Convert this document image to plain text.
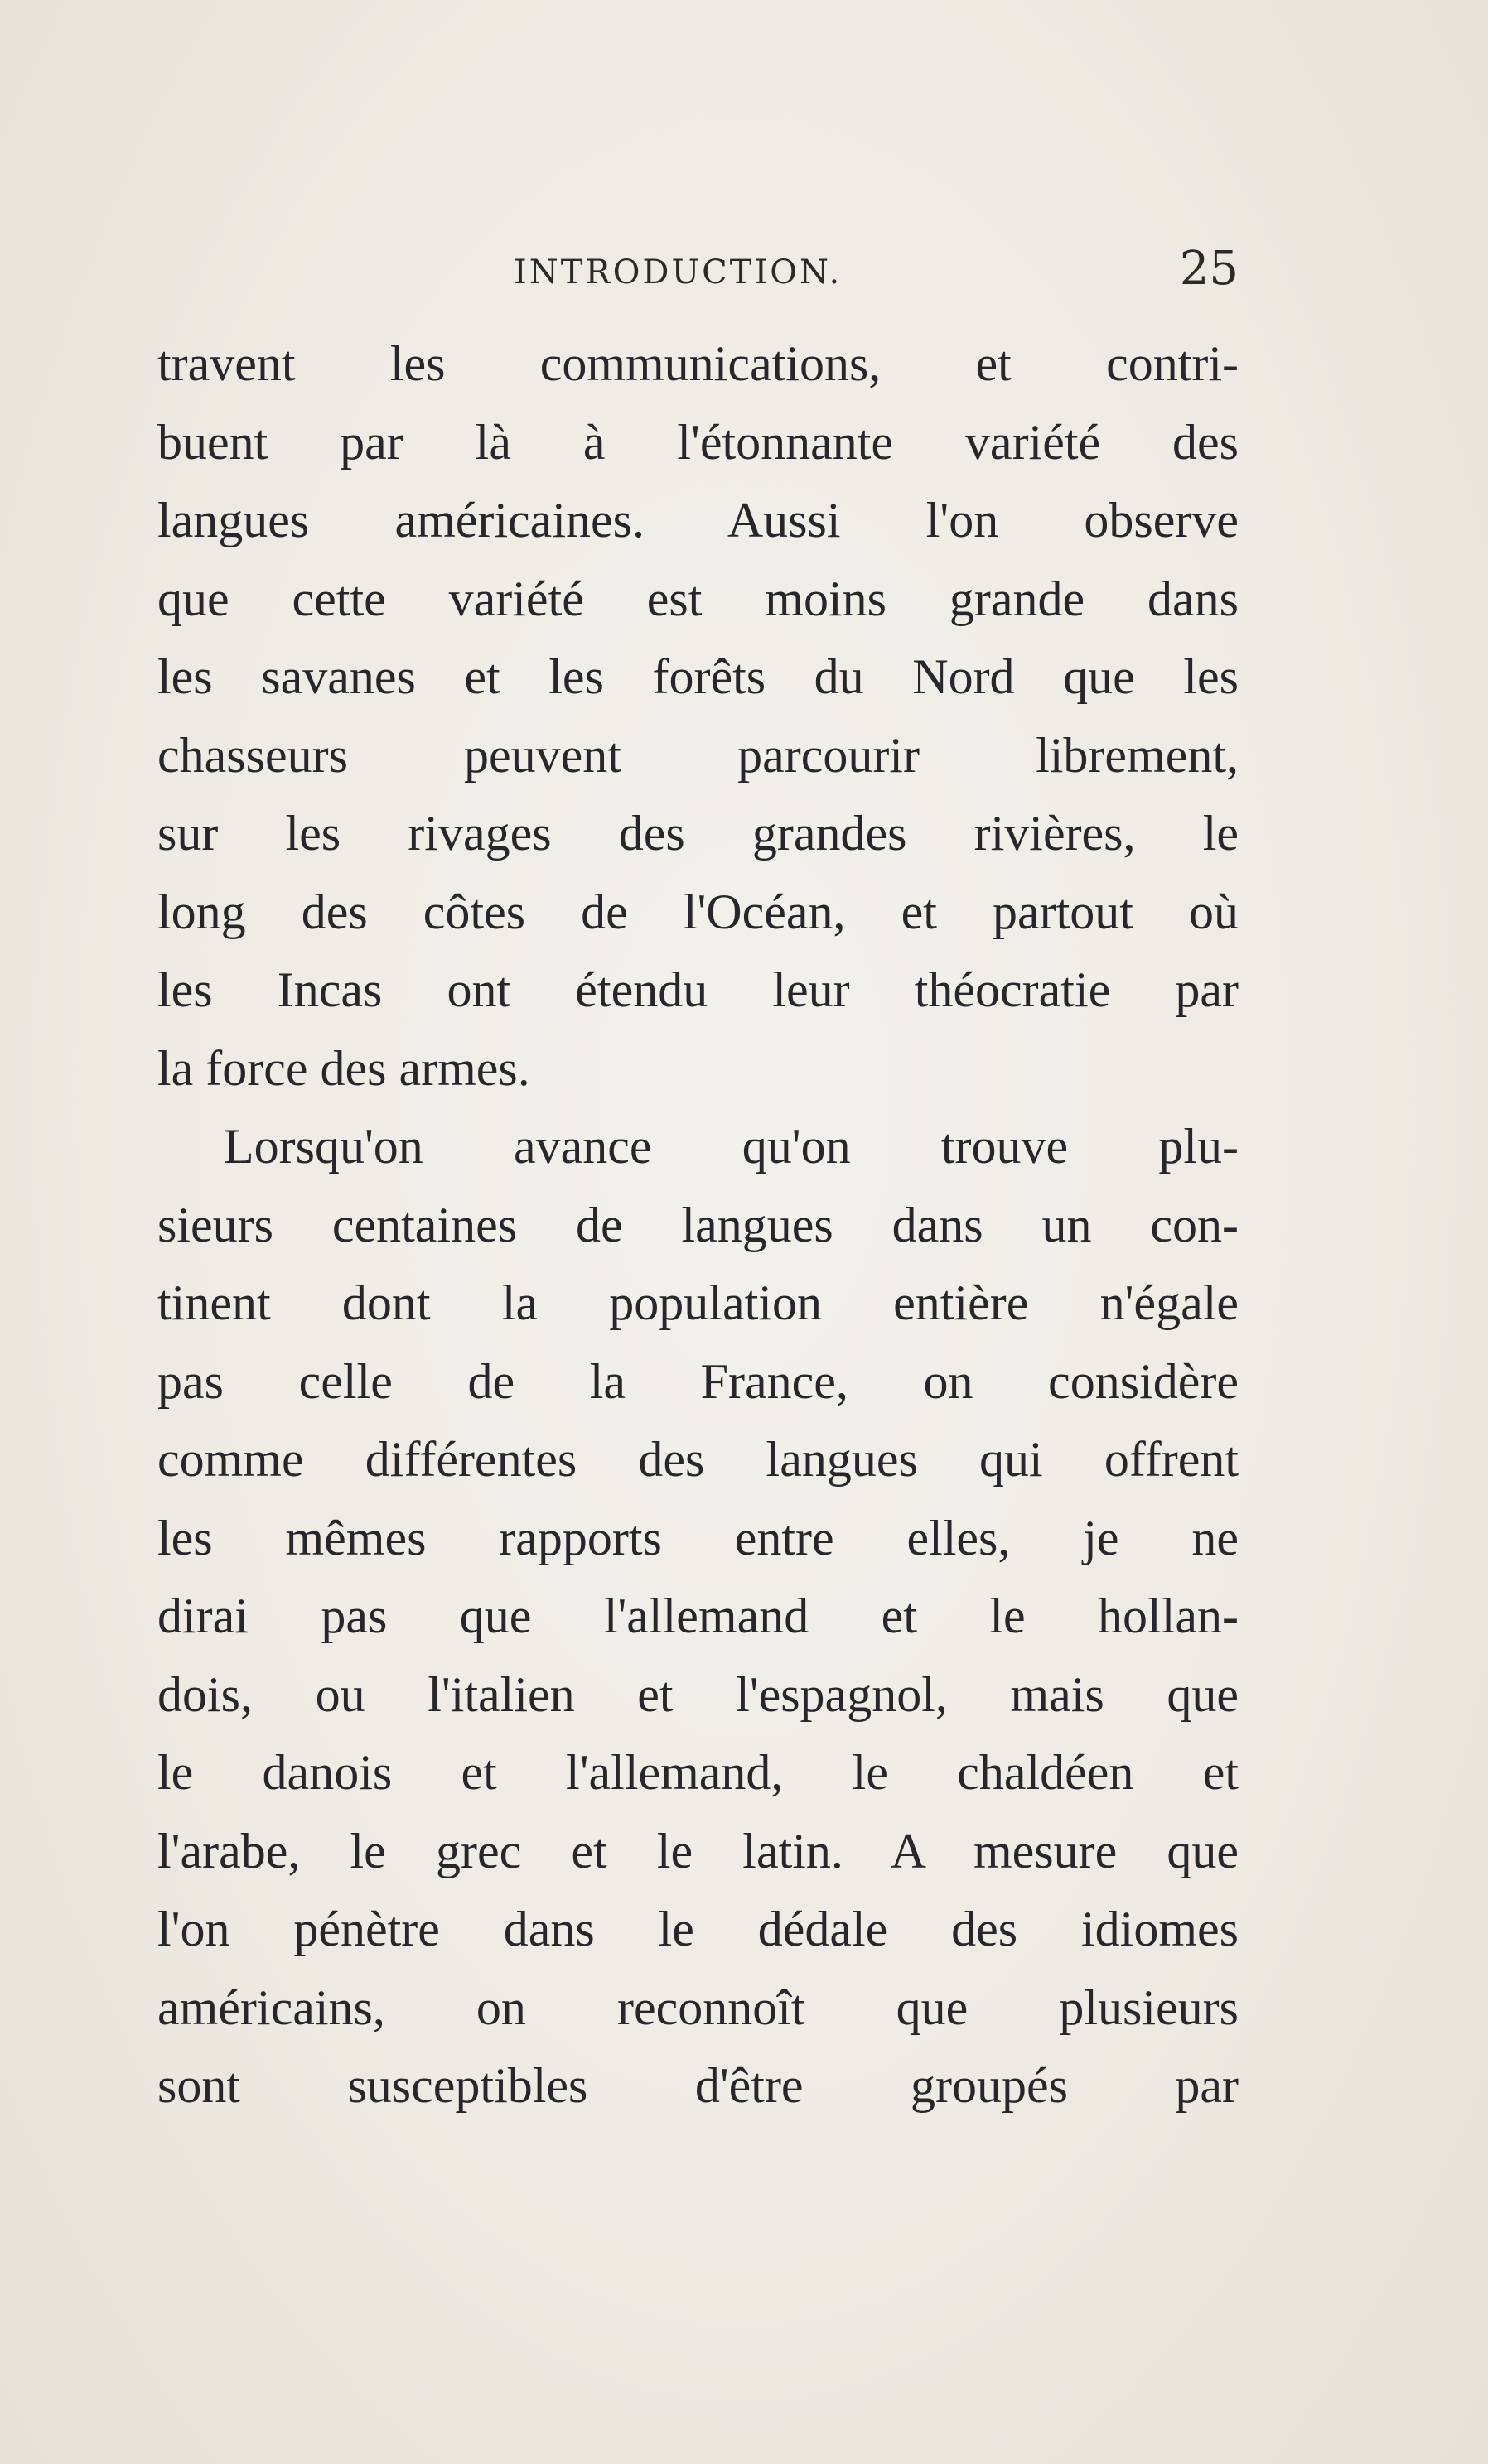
INTRODUCTION.	25
travent les communications, et contri-
buent par là à l'étonnante variété des
langues américaines. Aussi l'on observe
que cette variété est moins grande dans
les savanes et les forêts du Nord que les
chasseurs peuvent parcourir librement,
sur les rivages des grandes rivières, le
long des côtes de l'Océan, et partout où
les Incas ont étendu leur théocratie par
la force des armes.
Lorsqu'on avance qu'on trouve plu-
sieurs centaines de langues dans un con-
tinent dont la population entière n'égale
pas celle de la France, on considère
comme différentes des langues qui offrent
les mêmes rapports entre elles, je ne
dirai pas que l'allemand et le hollan-
dois, ou l'italien et l'espagnol, mais que
le danois et l'allemand, le chaldéen et
l'arabe, le grec et le latin. A mesure que
l'on pénètre dans le dédale des idiomes
américains, on reconnoît que plusieurs
sont susceptibles d'être groupés par
